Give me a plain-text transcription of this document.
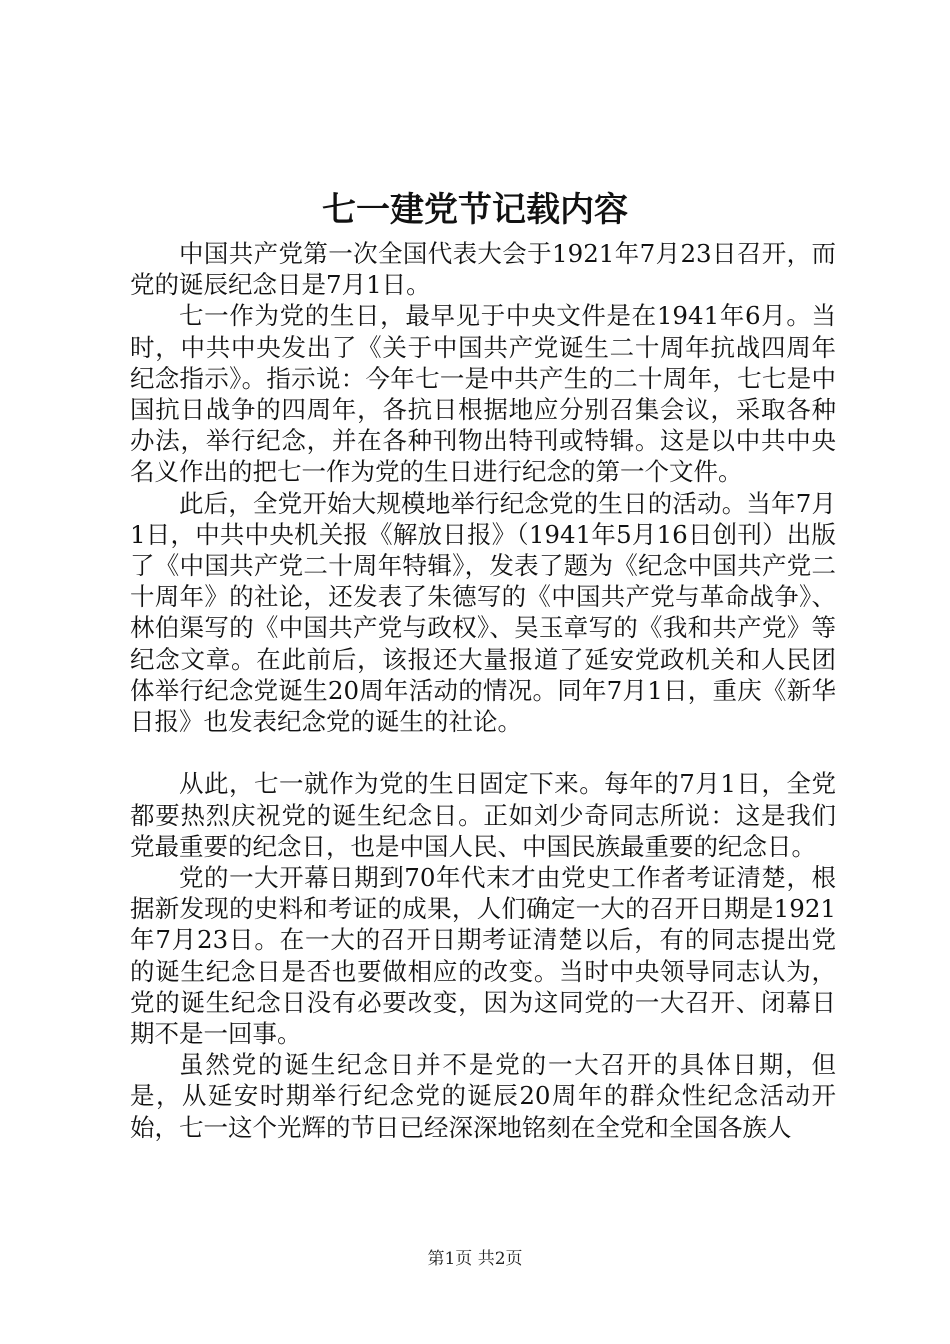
七一建党节记载内容

中国共产党第一次全国代表大会于1921年7月23日召开，而党的诞辰纪念日是7月1日。

七一作为党的生日，最早见于中央文件是在1941年6月。当时，中共中央发出了《关于中国共产党诞生二十周年抗战四周年纪念指示》。指示说：今年七一是中共产生的二十周年，七七是中国抗日战争的四周年，各抗日根据地应分别召集会议，采取各种办法，举行纪念，并在各种刊物出特刊或特辑。这是以中共中央名义作出的把七一作为党的生日进行纪念的第一个文件。

此后，全党开始大规模地举行纪念党的生日的活动。当年7月1日，中共中央机关报《解放日报》（1941年5月16日创刊）出版了《中国共产党二十周年特辑》，发表了题为《纪念中国共产党二十周年》的社论，还发表了朱德写的《中国共产党与革命战争》、林伯渠写的《中国共产党与政权》、吴玉章写的《我和共产党》等纪念文章。在此前后，该报还大量报道了延安党政机关和人民团体举行纪念党诞生20周年活动的情况。同年7月1日，重庆《新华日报》也发表纪念党的诞生的社论。

从此，七一就作为党的生日固定下来。每年的7月1日，全党都要热烈庆祝党的诞生纪念日。正如刘少奇同志所说：这是我们党最重要的纪念日，也是中国人民、中国民族最重要的纪念日。

党的一大开幕日期到70年代末才由党史工作者考证清楚，根据新发现的史料和考证的成果，人们确定一大的召开日期是1921年7月23日。在一大的召开日期考证清楚以后，有的同志提出党的诞生纪念日是否也要做相应的改变。当时中央领导同志认为，党的诞生纪念日没有必要改变，因为这同党的一大召开、闭幕日期不是一回事。

虽然党的诞生纪念日并不是党的一大召开的具体日期，但是，从延安时期举行纪念党的诞辰20周年的群众性纪念活动开始，七一这个光辉的节日已经深深地铭刻在全党和全国各族人

第1页 共2页
